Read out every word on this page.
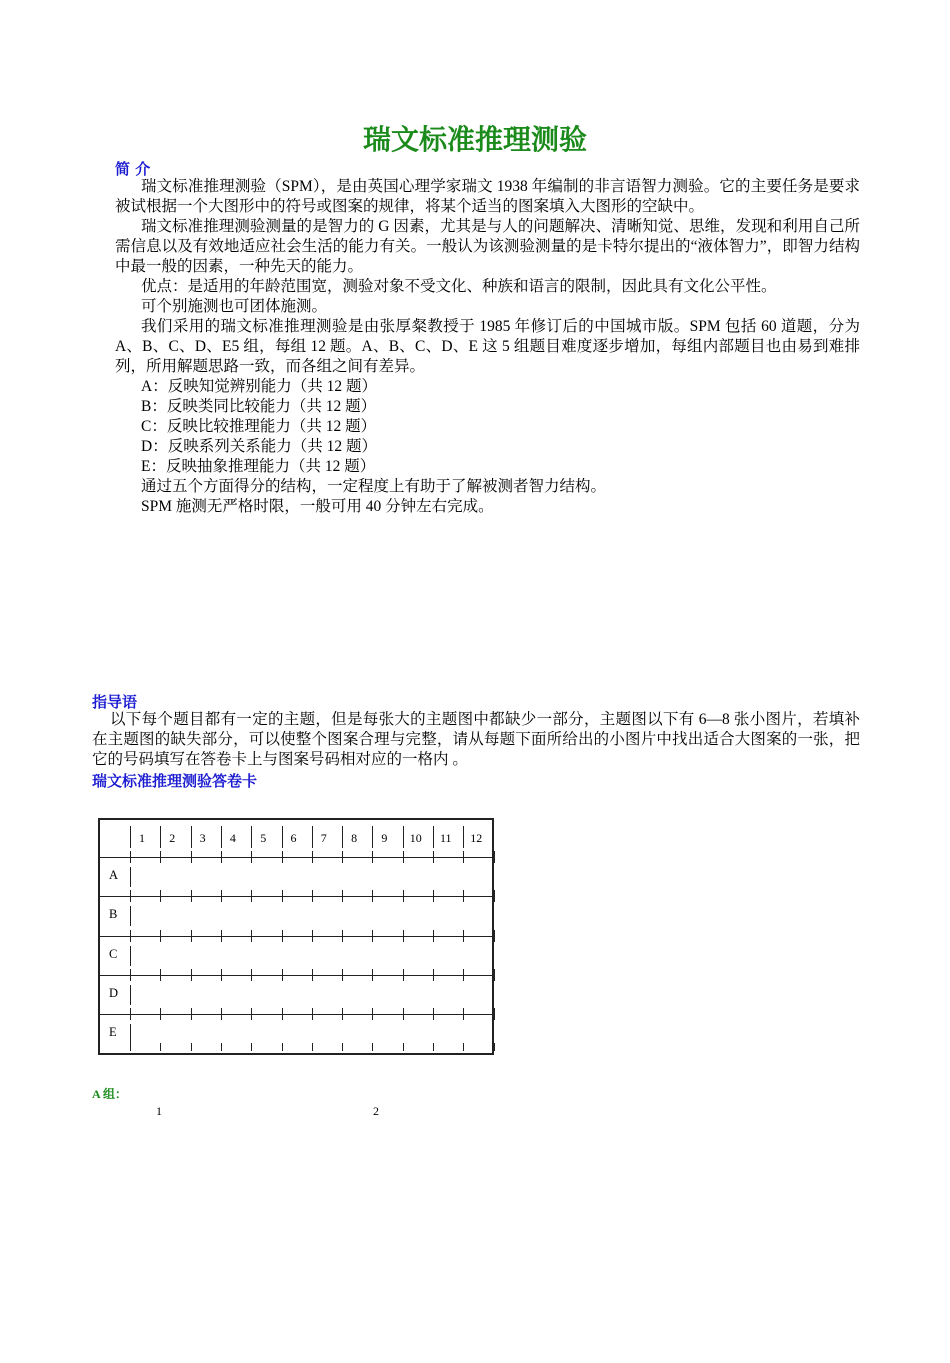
瑞文标准推理测验
简 介

瑞文标准推理测验（SPM），是由英国心理学家瑞文 1938 年编制的非言语智力测验。它的主要任务是要求被试根据一个大图形中的符号或图案的规律，将某个适当的图案填入大图形的空缺中。

瑞文标准推理测验测量的是智力的 G 因素，尤其是与人的问题解决、清晰知觉、思维，发现和利用自己所需信息以及有效地适应社会生活的能力有关。一般认为该测验测量的是卡特尔提出的“液体智力”，即智力结构中最一般的因素，一种先天的能力。

优点：是适用的年龄范围宽，测验对象不受文化、种族和语言的限制，因此具有文化公平性。

可个别施测也可团体施测。

我们采用的瑞文标准推理测验是由张厚粲教授于 1985 年修订后的中国城市版。SPM 包括 60 道题，分为 A、B、C、D、E5 组，每组 12 题。A、B、C、D、E 这 5 组题目难度逐步增加，每组内部题目也由易到难排列，所用解题思路一致，而各组之间有差异。

A：反映知觉辨别能力（共 12 题）

B：反映类同比较能力（共 12 题）

C：反映比较推理能力（共 12 题）

D：反映系列关系能力（共 12 题）

E：反映抽象推理能力（共 12 题）

通过五个方面得分的结构，一定程度上有助于了解被测者智力结构。

SPM 施测无严格时限，一般可用 40 分钟左右完成。

指导语

以下每个题目都有一定的主题，但是每张大的主题图中都缺少一部分，主题图以下有 6—8 张小图片，若填补在主题图的缺失部分，可以使整个图案合理与完整，请从每题下面所给出的小图片中找出适合大图案的一张，把它的号码填写在答卷卡上与图案号码相对应的一格内 。

瑞文标准推理测验答卷卡
1 2 3 4 5 6 7 8 9 10 11 12
A
B
C
D
E
A 组：
1	2
